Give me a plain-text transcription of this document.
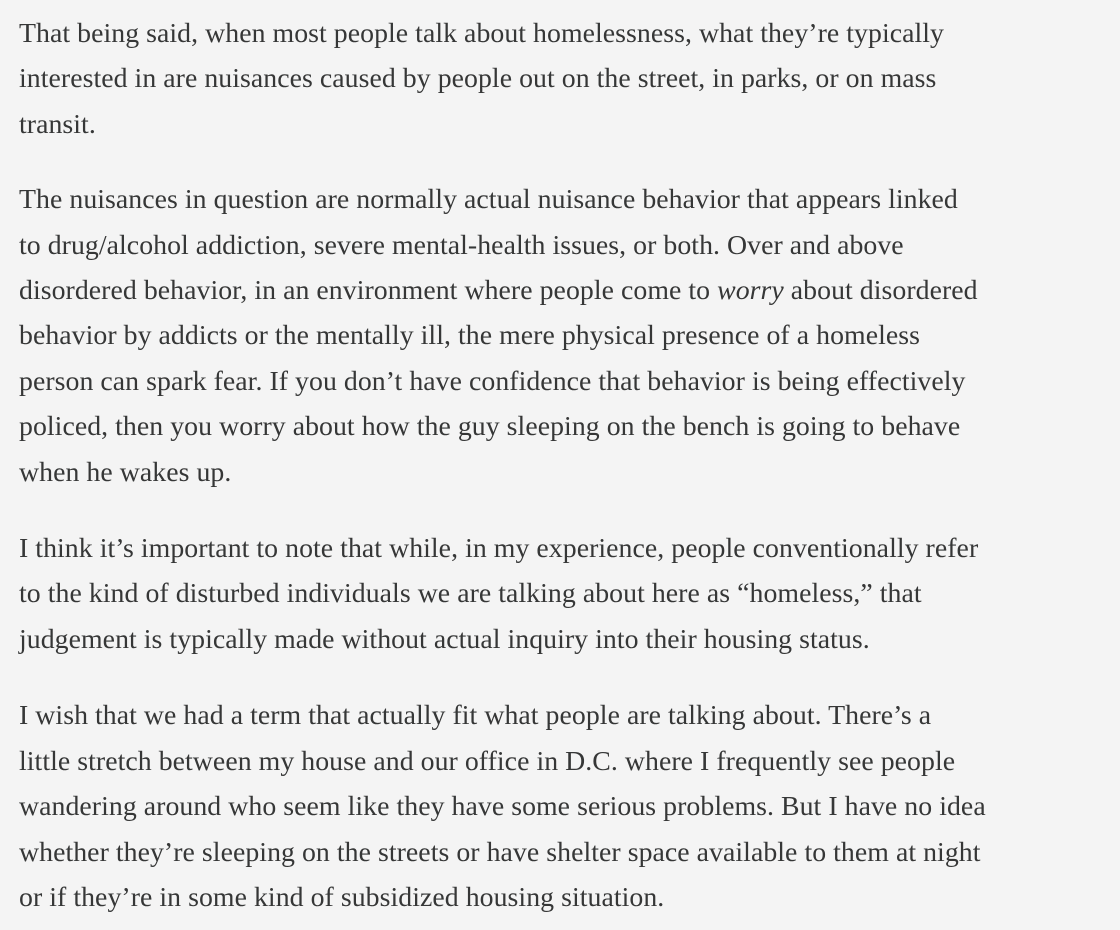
That being said, when most people talk about homelessness, what they’re typically
interested in are nuisances caused by people out on the street, in parks, or on mass
transit.

The nuisances in question are normally actual nuisance behavior that appears linked
to drug/alcohol addiction, severe mental-health issues, or both. Over and above
disordered behavior, in an environment where people come to worry about disordered
behavior by addicts or the mentally ill, the mere physical presence of a homeless
person can spark fear. If you don’t have confidence that behavior is being effectively
policed, then you worry about how the guy sleeping on the bench is going to behave
when he wakes up.

I think it’s important to note that while, in my experience, people conventionally refer
to the kind of disturbed individuals we are talking about here as “homeless,” that
judgement is typically made without actual inquiry into their housing status.

I wish that we had a term that actually fit what people are talking about. There’s a
little stretch between my house and our office in D.C. where I frequently see people
wandering around who seem like they have some serious problems. But I have no idea
whether they’re sleeping on the streets or have shelter space available to them at night
or if they’re in some kind of subsidized housing situation.
